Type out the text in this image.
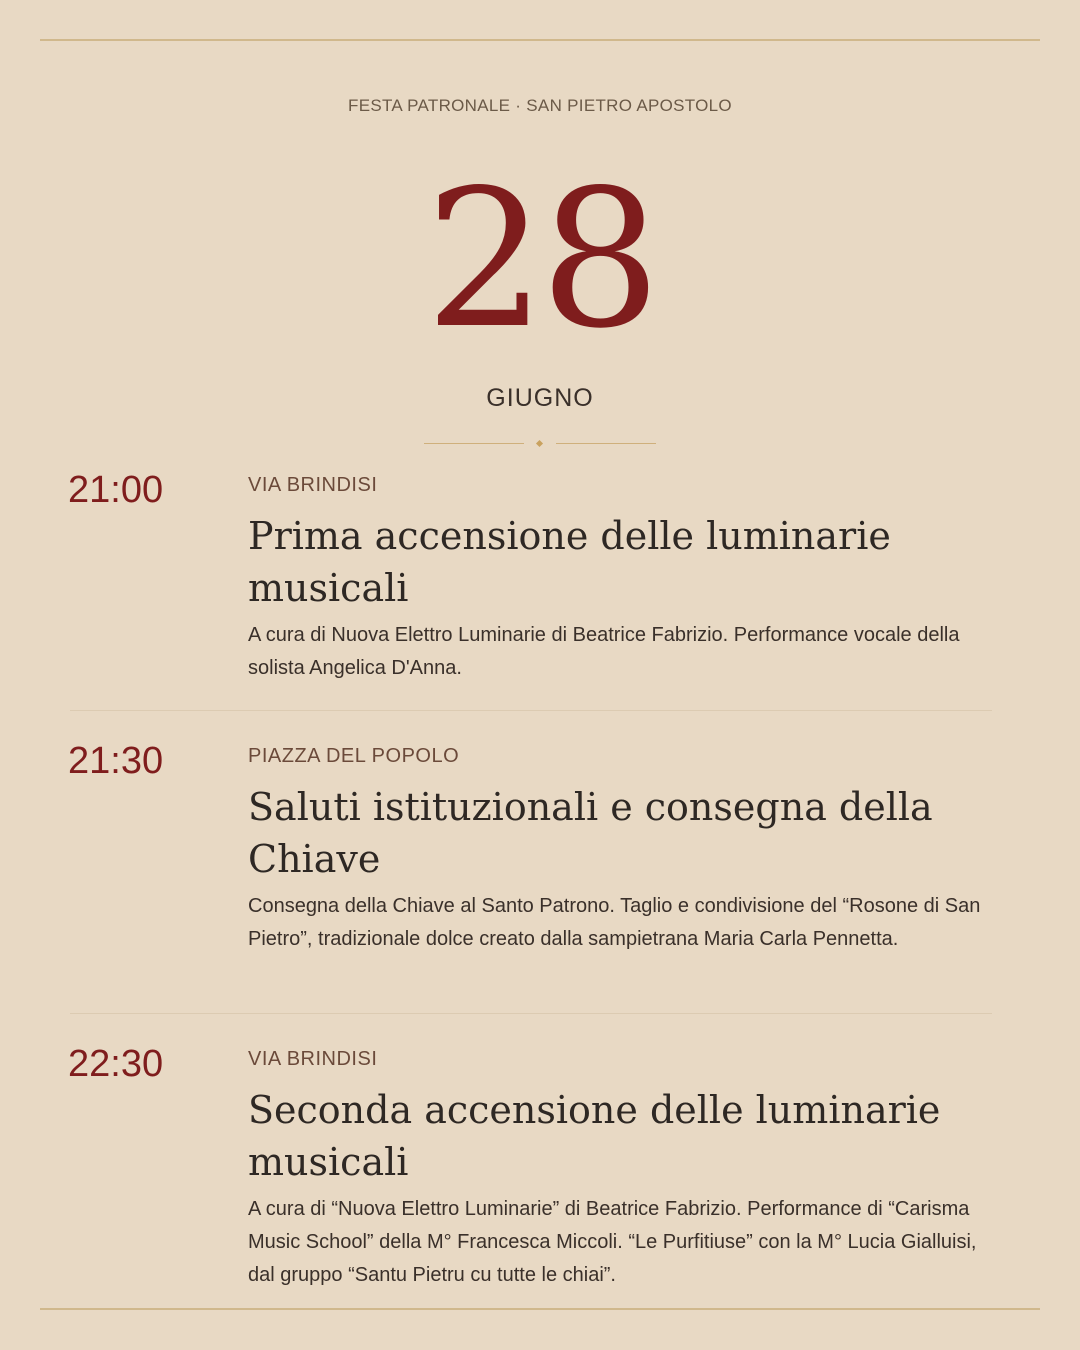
FESTA PATRONALE · SAN PIETRO APOSTOLO
28
GIUGNO
21:00	VIA BRINDISI
Prima accensione delle luminarie musicali
A cura di Nuova Elettro Luminarie di Beatrice Fabrizio. Performance vocale della solista Angelica D'Anna.
21:30	PIAZZA DEL POPOLO
Saluti istituzionali e consegna della Chiave
Consegna della Chiave al Santo Patrono. Taglio e condivisione del “Rosone di San Pietro”, tradizionale dolce creato dalla sampietrana Maria Carla Pennetta.
22:30	VIA BRINDISI
Seconda accensione delle luminarie musicali
A cura di “Nuova Elettro Luminarie” di Beatrice Fabrizio. Performance di “Carisma Music School” della M° Francesca Miccoli. “Le Purfitiuse” con la M° Lucia Gialluisi, dal gruppo “Santu Pietru cu tutte le chiai”.
